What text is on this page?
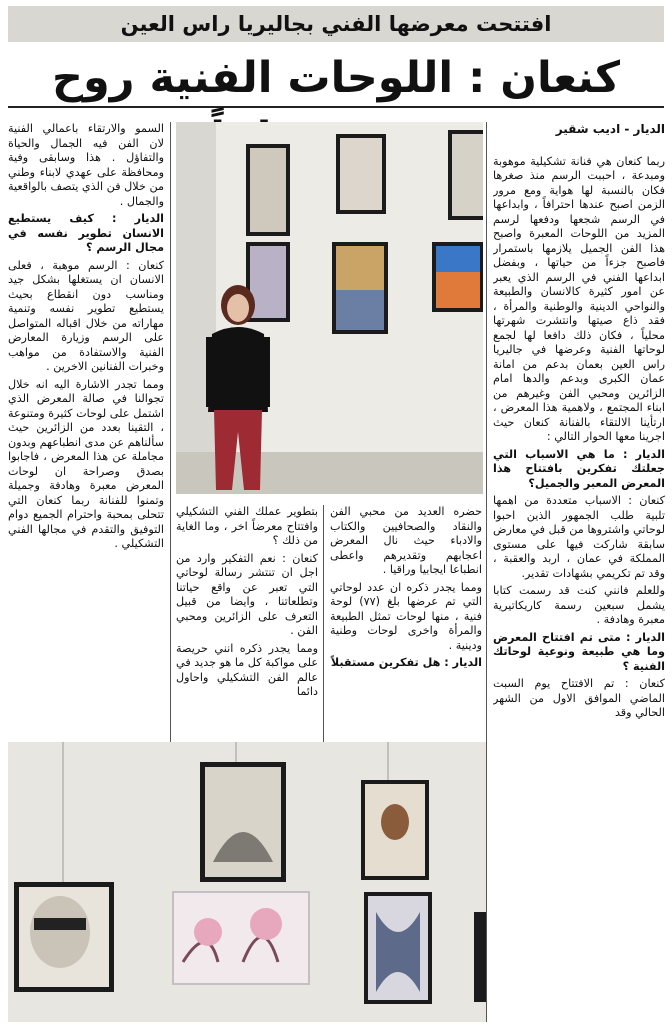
افتتحت معرضها الفني بجاليريا راس العين
كنعان : اللوحات الفنية روح
الديار - اديب شقير

ربما كنعان هي فنانة تشكيلية موهوبة ومبدعة ، احببت الرسم منذ صغرها فكان بالنسبة لها هواية ومع مرور الزمن اصبح عندها احترافاً ، وابداعها في الرسم شجعها ودفعها لرسم المزيد من اللوحات المعبرة واصبح هذا الفن الجميل يلازمها باستمرار فاصبح جزءاً من حياتها ، وبفضل ابداعها الفني في الرسم الذي يعبر عن امور كثيرة كالانسان والطبيعة والنواحي الدينية والوطنية والمرأة ، فقد ذاع صيتها وانتشرت شهرتها محلياً ، فكان ذلك دافعا لها لجمع لوحاتها الفنية وعرضها في جاليريا راس العين بعمان بدعم من امانة عمان الكبرى وبدعم والدها امام الزائرين ومحبي الفن وغيرهم من ابناء المجتمع ، ولاهمية هذا المعرض ، ارتأينا الالتقاء بالفنانة كنعان حيث اجرينا معها الحوار التالي :

الديار : ما هي الاسباب التي جعلتك تفكرين بافتتاح هذا المعرض المعبر والجميل؟

كنعان : الاسباب متعددة من اهمها تلبية طلب الجمهور الذين احبوا لوحاتي واشتروها من قبل في معارض سابقة شاركت فيها على مستوى المملكة في عمان ، اربد والعقبة ، وقد تم تكريمي بشهادات تقدير.

وللعلم فانني كنت قد رسمت كتابا يشمل سبعين رسمة كاريكاتيرية معبرة وهادفة .

الديار : متى تم افتتاح المعرض وما هي طبيعة ونوعية لوحاتك الفنية ؟

كنعان : تم الافتتاح يوم السبت الماضي الموافق الاول من الشهر الحالي وقد

حضره العديد من محبي الفن والنقاد والصحافيين والكتاب والادباء حيث نال المعرض اعجابهم وتقديرهم واعطى انطباعا ايجابيا وراقيا .

ومما يجدر ذكره ان عدد لوحاتي التي تم عرضها بلغ (٧٧) لوحة فنية ، منها لوحات تمثل الطبيعة والمرأة واخرى لوحات وطنية ودينية .

الديار : هل تفكرين مستقبلاً

بتطوير عملك الفني التشكيلي وافتتاح معرضاً اخر ، وما الغاية من ذلك ؟

كنعان : نعم التفكير وارد من اجل ان تنتشر رسالة لوحاتي التي تعبر عن واقع حياتنا وتطلعاتنا ، وايضا من قبيل التعرف على الزائرين ومحبي الفن .

ومما يجدر ذكره انني حريصة على مواكبة كل ما هو جديد في عالم الفن التشكيلي واحاول دائما

السمو والارتقاء باعمالي الفنية لان الفن فيه الجمال والحياة والتفاؤل . هذا وسابقى وفية ومحافظة على عهدي لابناء وطني من خلال فن الذي يتصف بالواقعية والجمال .

الديار : كيف يستطيع الانسان تطوير نفسه في مجال الرسم ؟

كنعان : الرسم موهبة ، فعلى الانسان ان يستغلها بشكل جيد ومناسب دون انقطاع بحيث يستطيع تطوير نفسه وتنمية مهاراته من خلال اقباله المتواصل على الرسم وزيارة المعارض الفنية والاستفادة من مواهب وخبرات الفنانين الاخرين .

ومما تجدر الاشارة اليه انه خلال تجوالنا في صالة المعرض الذي اشتمل على لوحات كثيرة ومتنوعة ، التقينا بعدد من الزائرين حيث سألناهم عن مدى انطباعهم وبدون مجاملة عن هذا المعرض ، فاجابوا بصدق وصراحة ان لوحات المعرض معبرة وهادفة وجميلة وتمنوا للفنانة ربما كنعان التي تتحلى بمحبة واحترام الجميع دوام التوفيق والتقدم في مجالها الفني التشكيلي .
